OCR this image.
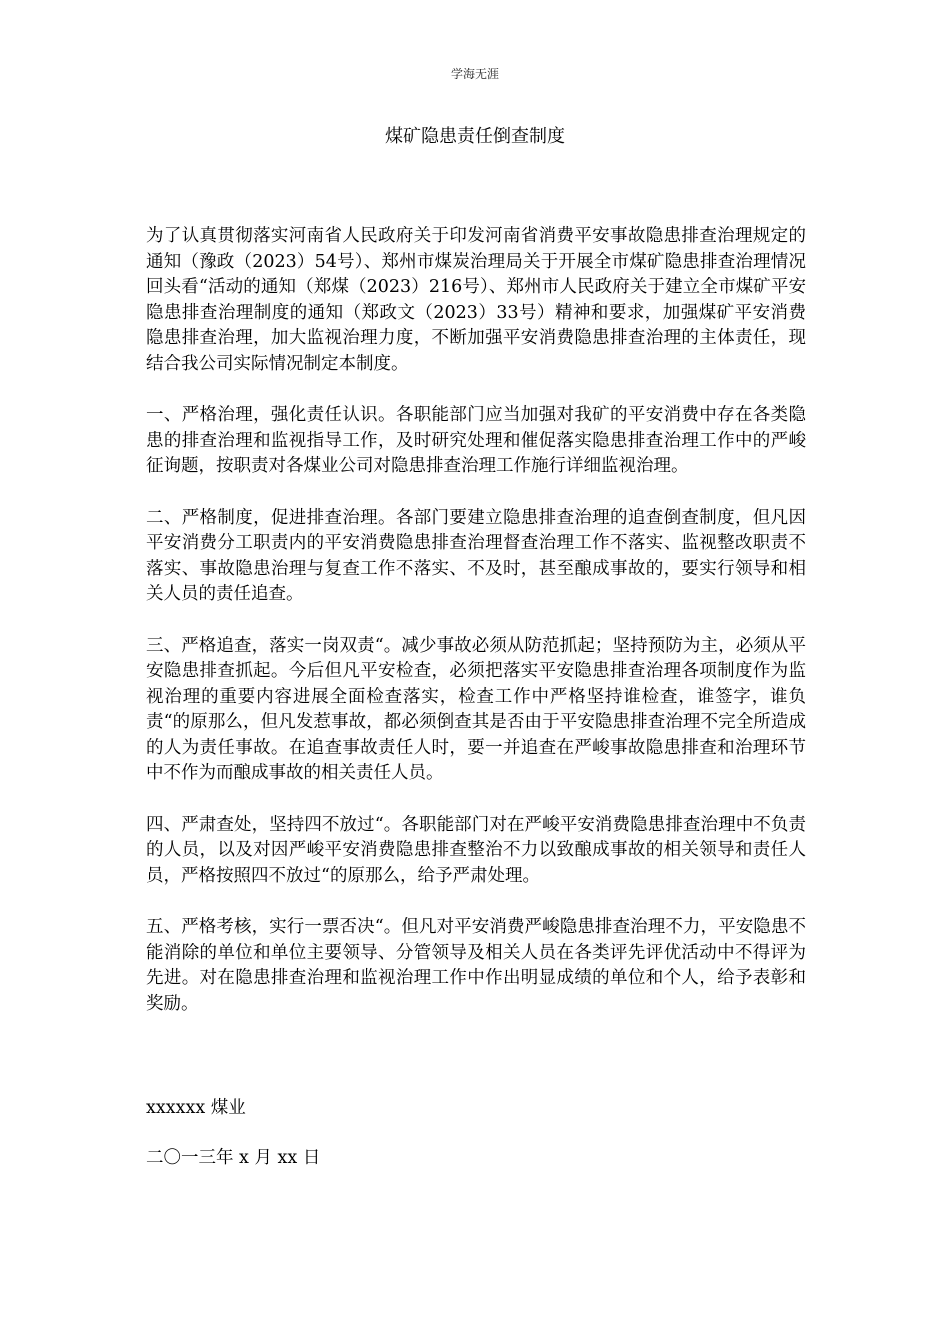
学海无涯
煤矿隐患责任倒查制度

为了认真贯彻落实河南省人民政府关于印发河南省消费平安事故隐患排查治理规定的通知（豫政（2023）54号）、郑州市煤炭治理局关于开展全市煤矿隐患排查治理情况回头看“活动的通知（郑煤（2023）216号）、郑州市人民政府关于建立全市煤矿平安隐患排查治理制度的通知（郑政文（2023）33号）精神和要求，加强煤矿平安消费隐患排查治理，加大监视治理力度，不断加强平安消费隐患排查治理的主体责任，现结合我公司实际情况制定本制度。

一、严格治理，强化责任认识。各职能部门应当加强对我矿的平安消费中存在各类隐患的排查治理和监视指导工作，及时研究处理和催促落实隐患排查治理工作中的严峻征询题，按职责对各煤业公司对隐患排查治理工作施行详细监视治理。

二、严格制度，促进排查治理。各部门要建立隐患排查治理的追查倒查制度，但凡因平安消费分工职责内的平安消费隐患排查治理督查治理工作不落实、监视整改职责不落实、事故隐患治理与复查工作不落实、不及时，甚至酿成事故的，要实行领导和相关人员的责任追查。

三、严格追查，落实一岗双责“。减少事故必须从防范抓起；坚持预防为主，必须从平安隐患排查抓起。今后但凡平安检查，必须把落实平安隐患排查治理各项制度作为监视治理的重要内容进展全面检查落实，检查工作中严格坚持谁检查，谁签字，谁负责“的原那么，但凡发惹事故，都必须倒查其是否由于平安隐患排查治理不完全所造成的人为责任事故。在追查事故责任人时，要一并追查在严峻事故隐患排查和治理环节中不作为而酿成事故的相关责任人员。

四、严肃查处，坚持四不放过“。各职能部门对在严峻平安消费隐患排查治理中不负责的人员，以及对因严峻平安消费隐患排查整治不力以致酿成事故的相关领导和责任人员，严格按照四不放过“的原那么，给予严肃处理。

五、严格考核，实行一票否决“。但凡对平安消费严峻隐患排查治理不力，平安隐患不能消除的单位和单位主要领导、分管领导及相关人员在各类评先评优活动中不得评为先进。对在隐患排查治理和监视治理工作中作出明显成绩的单位和个人，给予表彰和奖励。

xxxxxx 煤业
二〇一三年 x 月 xx 日
